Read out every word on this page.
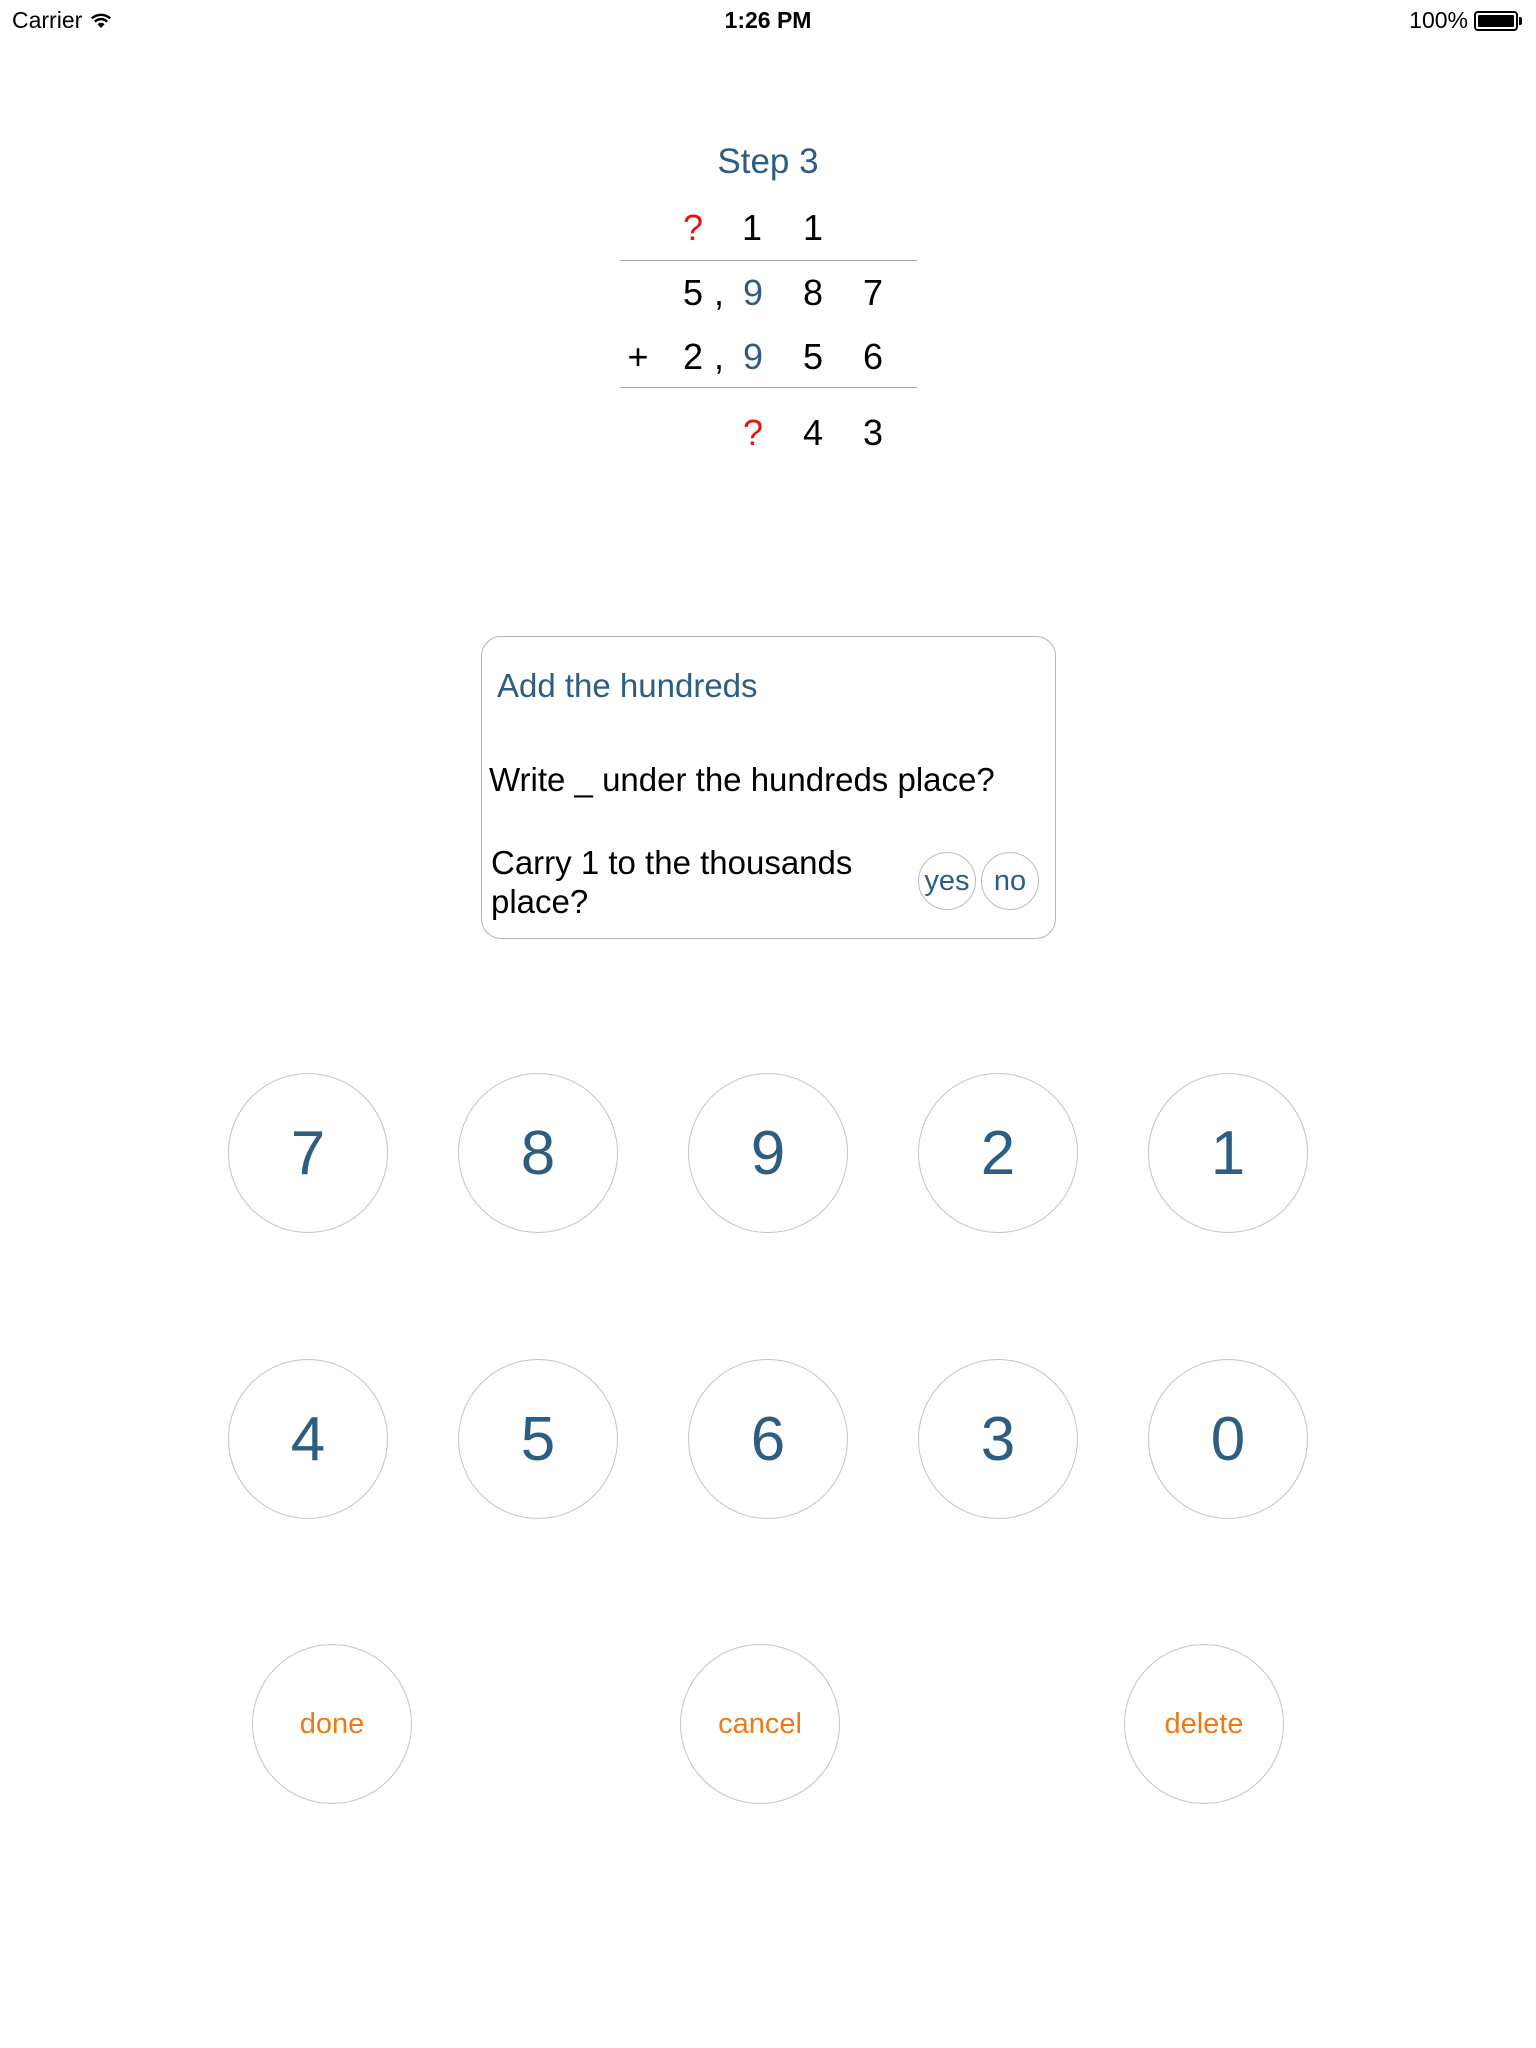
Carrier	1:26 PM	100%
Step 3
? 1 1
5 , 9 8 7
+ 2 , 9 5 6
? 4 3
Add the hundreds
Write _ under the hundreds place?
Carry 1 to the thousands place?
yes no
7	8	9	2	1
4	5	6	3	0
done	cancel	delete
